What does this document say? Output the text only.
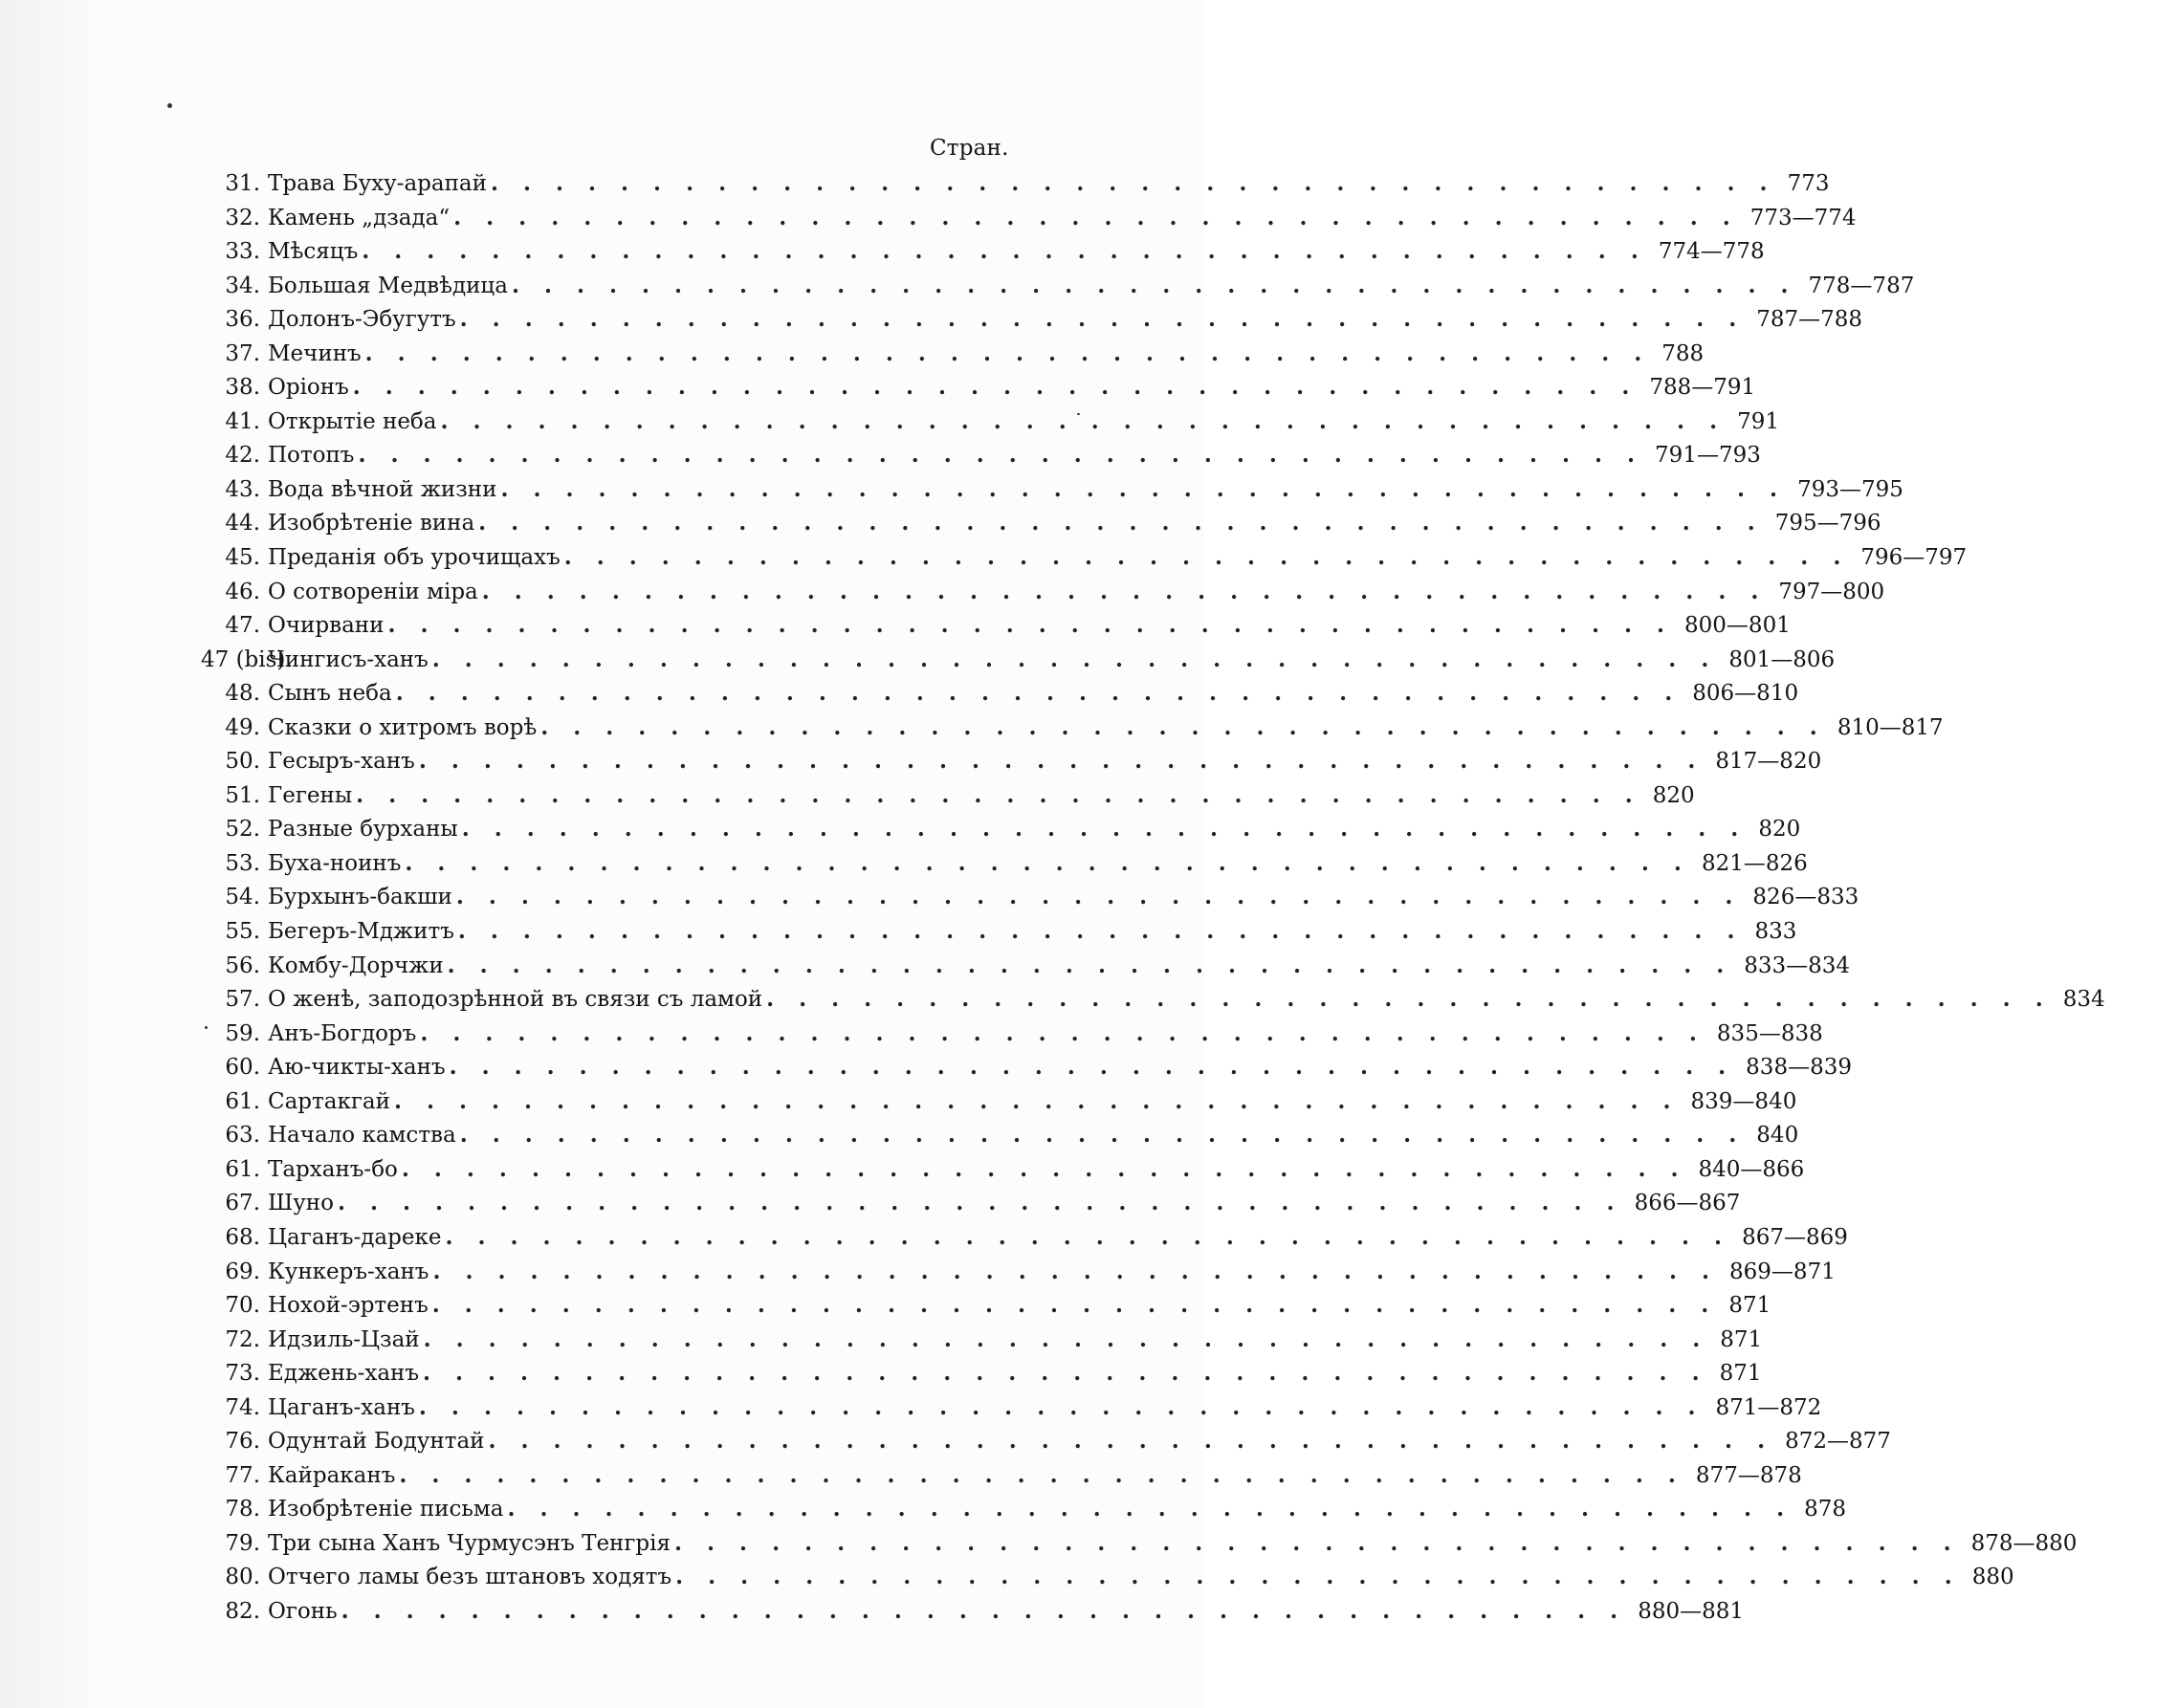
Стран.
31. Трава Буху-арапай . . . . . . . . . . . . . . . . . . . . . . . . . . . . . . . . . . . . . . . . 773
32. Камень „дзада“ . . . . . . . . . . . . . . . . . . . . . . . . . . . . . . . . . . . . . . . . 773—774
33. Мѣсяцъ . . . . . . . . . . . . . . . . . . . . . . . . . . . . . . . . . . . . . . . . 774—778
34. Большая Медвѣдица . . . . . . . . . . . . . . . . . . . . . . . . . . . . . . . . . . . . . . . . 778—787
36. Долонъ-Эбугутъ . . . . . . . . . . . . . . . . . . . . . . . . . . . . . . . . . . . . . . . . 787—788
37. Мечинъ . . . . . . . . . . . . . . . . . . . . . . . . . . . . . . . . . . . . . . . . 788
38. Оріонъ . . . . . . . . . . . . . . . . . . . . . . . . . . . . . . . . . . . . . . . . 788—791
41. Открытіе неба . . . . . . . . . . . . . . . . . . . . . . . . . . . . . . . . . . . . . . . . 791
42. Потопъ . . . . . . . . . . . . . . . . . . . . . . . . . . . . . . . . . . . . . . . . 791—793
43. Вода вѣчной жизни . . . . . . . . . . . . . . . . . . . . . . . . . . . . . . . . . . . . . . . . 793—795
44. Изобрѣтеніе вина . . . . . . . . . . . . . . . . . . . . . . . . . . . . . . . . . . . . . . . . 795—796
45. Преданія объ урочищахъ . . . . . . . . . . . . . . . . . . . . . . . . . . . . . . . . . . . . . . . . 796—797
46. О сотвореніи міра . . . . . . . . . . . . . . . . . . . . . . . . . . . . . . . . . . . . . . . . 797—800
47. Очирвани . . . . . . . . . . . . . . . . . . . . . . . . . . . . . . . . . . . . . . . . 800—801
47 (bis).
Чингисъ-ханъ . . . . . . . . . . . . . . . . . . . . . . . . . . . . . . . . . . . . . . . . 801—806
48. Сынъ неба . . . . . . . . . . . . . . . . . . . . . . . . . . . . . . . . . . . . . . . . 806—810
49. Сказки о хитромъ ворѣ . . . . . . . . . . . . . . . . . . . . . . . . . . . . . . . . . . . . . . . . 810—817
50. Гесыръ-ханъ . . . . . . . . . . . . . . . . . . . . . . . . . . . . . . . . . . . . . . . . 817—820
51. Гегены . . . . . . . . . . . . . . . . . . . . . . . . . . . . . . . . . . . . . . . . 820
52. Разные бурханы . . . . . . . . . . . . . . . . . . . . . . . . . . . . . . . . . . . . . . . . 820
53. Буха-ноинъ . . . . . . . . . . . . . . . . . . . . . . . . . . . . . . . . . . . . . . . . 821—826
54. Бурхынъ-бакши . . . . . . . . . . . . . . . . . . . . . . . . . . . . . . . . . . . . . . . . 826—833
55. Бегеръ-Мджитъ . . . . . . . . . . . . . . . . . . . . . . . . . . . . . . . . . . . . . . . . 833
56. Комбу-Дорчжи . . . . . . . . . . . . . . . . . . . . . . . . . . . . . . . . . . . . . . . . 833—834
57. О женѣ, заподозрѣнной въ связи съ ламой . . . . . . . . . . . . . . . . . . . . . . . . . . . . . . . . . . . . . . . . 834
59. Анъ-Богдоръ . . . . . . . . . . . . . . . . . . . . . . . . . . . . . . . . . . . . . . . . 835—838
60. Аю-чикты-ханъ . . . . . . . . . . . . . . . . . . . . . . . . . . . . . . . . . . . . . . . . 838—839
61. Сартакгай . . . . . . . . . . . . . . . . . . . . . . . . . . . . . . . . . . . . . . . . 839—840
63. Начало камства . . . . . . . . . . . . . . . . . . . . . . . . . . . . . . . . . . . . . . . . 840
61. Тарханъ-бо . . . . . . . . . . . . . . . . . . . . . . . . . . . . . . . . . . . . . . . . 840—866
67. Шуно . . . . . . . . . . . . . . . . . . . . . . . . . . . . . . . . . . . . . . . . 866—867
68. Цаганъ-дареке . . . . . . . . . . . . . . . . . . . . . . . . . . . . . . . . . . . . . . . . 867—869
69. Кункеръ-ханъ . . . . . . . . . . . . . . . . . . . . . . . . . . . . . . . . . . . . . . . . 869—871
70. Нохой-эртенъ . . . . . . . . . . . . . . . . . . . . . . . . . . . . . . . . . . . . . . . . 871
72. Идзиль-Цзай . . . . . . . . . . . . . . . . . . . . . . . . . . . . . . . . . . . . . . . . 871
73. Еджень-ханъ . . . . . . . . . . . . . . . . . . . . . . . . . . . . . . . . . . . . . . . . 871
74. Цаганъ-ханъ . . . . . . . . . . . . . . . . . . . . . . . . . . . . . . . . . . . . . . . . 871—872
76. Одунтай Бодунтай . . . . . . . . . . . . . . . . . . . . . . . . . . . . . . . . . . . . . . . . 872—877
77. Кайраканъ . . . . . . . . . . . . . . . . . . . . . . . . . . . . . . . . . . . . . . . . 877—878
78. Изобрѣтеніе письма . . . . . . . . . . . . . . . . . . . . . . . . . . . . . . . . . . . . . . . . 878
79. Три сына Ханъ Чурмусэнъ Тенгрія . . . . . . . . . . . . . . . . . . . . . . . . . . . . . . . . . . . . . . . . 878—880
80. Отчего ламы безъ штановъ ходятъ . . . . . . . . . . . . . . . . . . . . . . . . . . . . . . . . . . . . . . . . 880
82. Огонь . . . . . . . . . . . . . . . . . . . . . . . . . . . . . . . . . . . . . . . . 880—881
